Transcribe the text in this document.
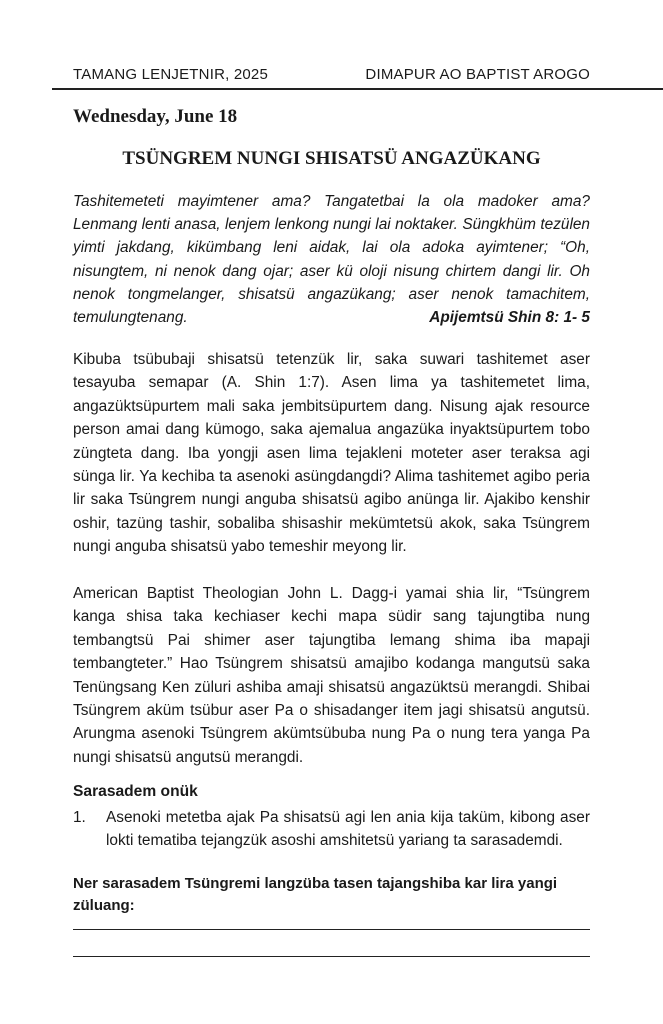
TAMANG LENJETNIR, 2025	DIMAPUR AO BAPTIST AROGO
Wednesday, June 18
TSÜNGREM NUNGI SHISATSÜ ANGAZÜKANG
Tashitemeteti mayimtener ama? Tangatetbai la ola madoker ama? Lenmang lenti anasa, lenjem lenkong nungi lai noktaker. Süngkhüm tezülen yimti jakdang, kikümbang leni aidak, lai ola adoka ayimtener; “Oh, nisungtem, ni nenok dang ojar; aser kü oloji nisung chirtem dangi lir. Oh nenok tongmelanger, shisatsü angazükang; aser nenok tamachitem, temulungtenang.	Apijemtsü Shin 8: 1- 5
Kibuba tsübubaji shisatsü tetenzük lir, saka suwari tashitemet aser tesayuba semapar (A. Shin 1:7). Asen lima ya tashitemetet lima, angazüktsüpurtem mali saka jembitsüpurtem dang. Nisung ajak resource person amai dang kümogo, saka ajemalua angazüka inyaktsüpurtem tobo züngteta dang. Iba yongji asen lima tejakleni moteter aser teraksa agi sünga lir. Ya kechiba ta asenoki asüngdangdi? Alima tashitemet agibo peria lir saka Tsüngrem nungi anguba shisatsü agibo anünga lir. Ajakibo kenshir oshir, tazüng tashir, sobaliba shisashir mekümtetsü akok, saka Tsüngrem nungi anguba shisatsü yabo temeshir meyong lir.
American Baptist Theologian John L. Dagg-i yamai shia lir, “Tsüngrem kanga shisa taka kechiaser kechi mapa südir sang tajungtiba nung tembangtsü Pai shimer aser tajungtiba lemang shima iba mapaji tembangteter.” Hao Tsüngrem shisatsü amajibo kodanga mangutsü saka Tenüngsang Ken züluri ashiba amaji shisatsü angazüktsü merangdi. Shibai Tsüngrem aküm tsübur aser Pa o shisadanger item jagi shisatsü angutsü. Arungma asenoki Tsüngrem akümtsübuba nung Pa o nung tera yanga Pa nungi shisatsü angutsü merangdi.
Sarasadem onük
1.	Asenoki metetba ajak Pa shisatsü agi len ania kija taküm, kibong aser lokti tematiba tejangzük asoshi amshitetsü yariang ta sarasademdi.
Ner sarasadem Tsüngremi langzüba tasen tajangshiba kar lira yangi züluang:
